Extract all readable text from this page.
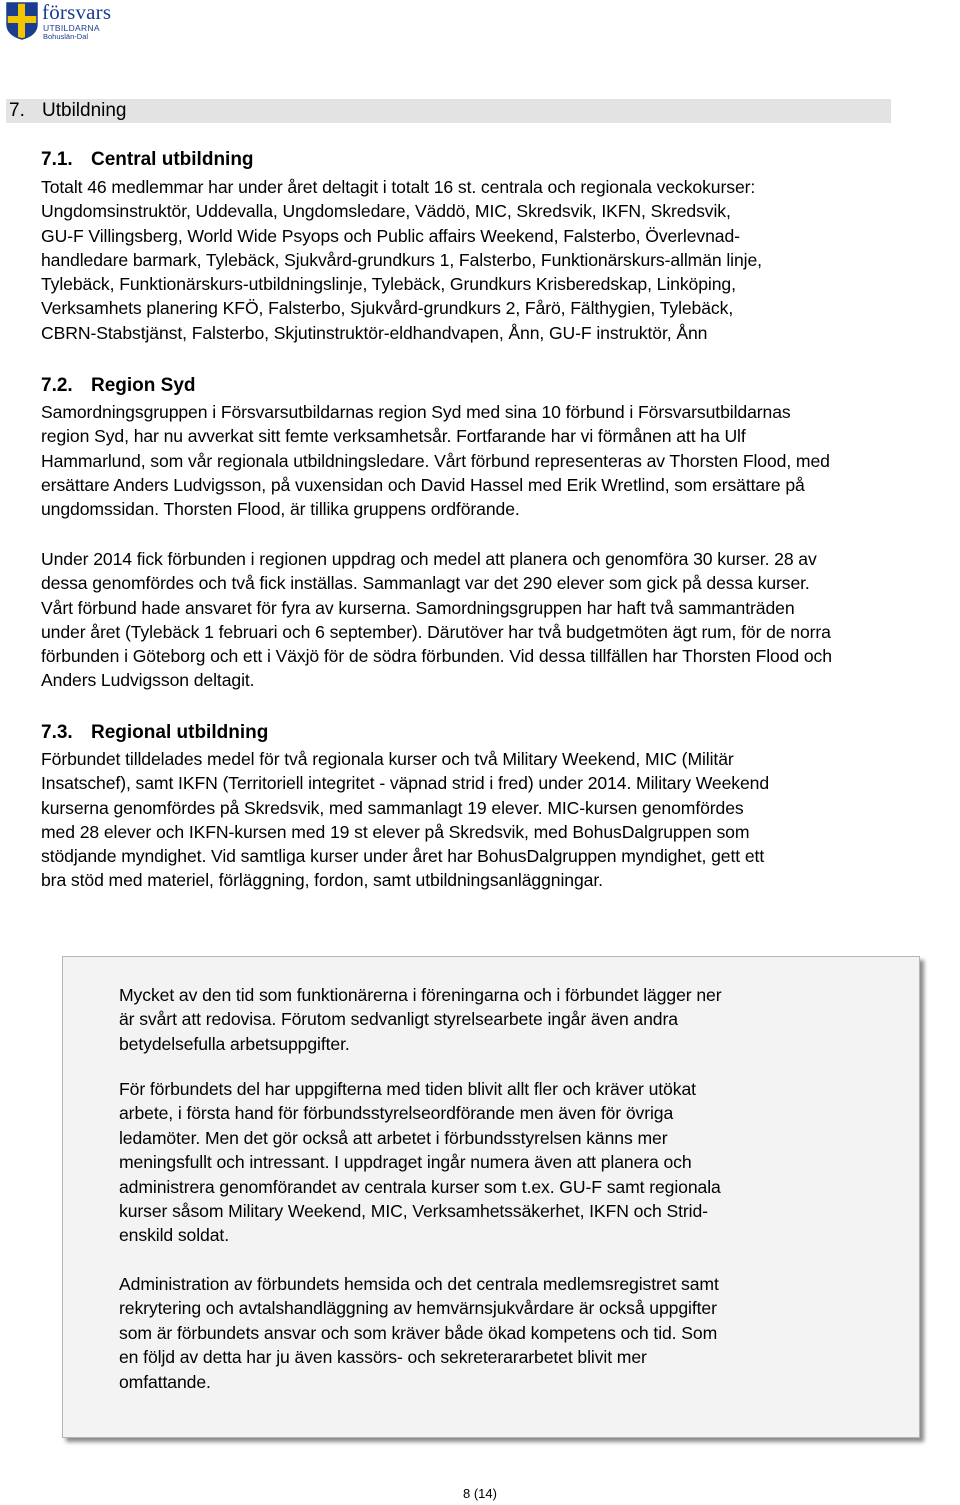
försvars
UTBILDARNA
Bohuslän-Dal
7. Utbildning
7.1. Central utbildning

Totalt 46 medlemmar har under året deltagit i totalt 16 st. centrala och regionala veckokurser:
Ungdomsinstruktör, Uddevalla, Ungdomsledare, Väddö, MIC, Skredsvik, IKFN, Skredsvik,
GU-F Villingsberg, World Wide Psyops och Public affairs Weekend, Falsterbo, Överlevnad-
handledare barmark, Tylebäck, Sjukvård-grundkurs 1, Falsterbo, Funktionärskurs-allmän linje,
Tylebäck, Funktionärskurs-utbildningslinje, Tylebäck, Grundkurs Krisberedskap, Linköping,
Verksamhets planering KFÖ, Falsterbo, Sjukvård-grundkurs 2, Fårö, Fälthygien, Tylebäck,
CBRN-Stabstjänst, Falsterbo, Skjutinstruktör-eldhandvapen, Ånn, GU-F instruktör, Ånn

7.2. Region Syd

Samordningsgruppen i Försvarsutbildarnas region Syd med sina 10 förbund i Försvarsutbildarnas
region Syd, har nu avverkat sitt femte verksamhetsår. Fortfarande har vi förmånen att ha Ulf
Hammarlund, som vår regionala utbildningsledare. Vårt förbund representeras av Thorsten Flood, med
ersättare Anders Ludvigsson, på vuxensidan och David Hassel med Erik Wretlind, som ersättare på
ungdomssidan. Thorsten Flood, är tillika gruppens ordförande.

Under 2014 fick förbunden i regionen uppdrag och medel att planera och genomföra 30 kurser. 28 av
dessa genomfördes och två fick inställas. Sammanlagt var det 290 elever som gick på dessa kurser.
Vårt förbund hade ansvaret för fyra av kurserna. Samordningsgruppen har haft två sammanträden
under året (Tylebäck 1 februari och 6 september). Därutöver har två budgetmöten ägt rum, för de norra
förbunden i Göteborg och ett i Växjö för de södra förbunden. Vid dessa tillfällen har Thorsten Flood och
Anders Ludvigsson deltagit.

7.3. Regional utbildning

Förbundet tilldelades medel för två regionala kurser och två Military Weekend, MIC (Militär
Insatschef), samt IKFN (Territoriell integritet - väpnad strid i fred) under 2014. Military Weekend
kurserna genomfördes på Skredsvik, med sammanlagt 19 elever. MIC-kursen genomfördes
med 28 elever och IKFN-kursen med 19 st elever på Skredsvik, med BohusDalgruppen som
stödjande myndighet. Vid samtliga kurser under året har BohusDalgruppen myndighet, gett ett
bra stöd med materiel, förläggning, fordon, samt utbildningsanläggningar.

Mycket av den tid som funktionärerna i föreningarna och i förbundet lägger ner
är svårt att redovisa. Förutom sedvanligt styrelsearbete ingår även andra
betydelsefulla arbetsuppgifter.

För förbundets del har uppgifterna med tiden blivit allt fler och kräver utökat
arbete, i första hand för förbundsstyrelseordförande men även för övriga
ledamöter. Men det gör också att arbetet i förbundsstyrelsen känns mer
meningsfullt och intressant. I uppdraget ingår numera även att planera och
administrera genomförandet av centrala kurser som t.ex. GU-F samt regionala
kurser såsom Military Weekend, MIC, Verksamhetssäkerhet, IKFN och Strid-
enskild soldat.

Administration av förbundets hemsida och det centrala medlemsregistret samt
rekrytering och avtalshandläggning av hemvärnsjukvårdare är också uppgifter
som är förbundets ansvar och som kräver både ökad kompetens och tid. Som
en följd av detta har ju även kassörs- och sekreterararbetet blivit mer
omfattande.

8 (14)
